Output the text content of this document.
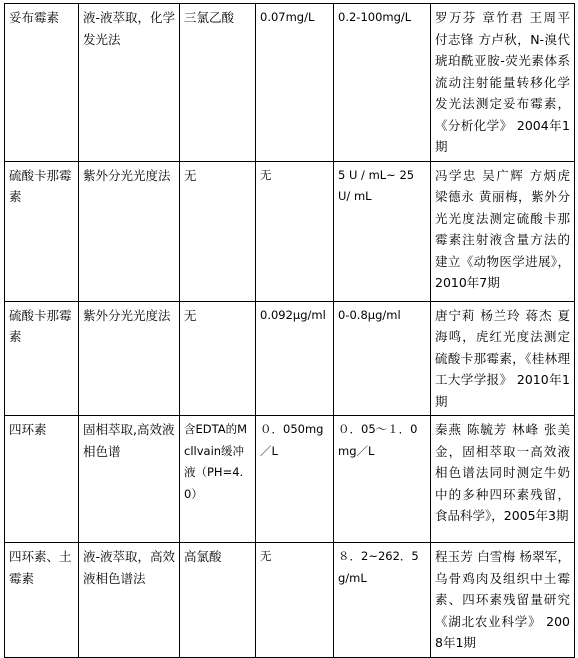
妥布霉素	液-液萃取，化学发光法	三氯乙酸	0.07mg/L	0.2-100mg/L	罗万芬 章竹君 王周平 付志锋 方卢秋，N-溴代琥珀酰亚胺-荧光素体系流动注射能量转移化学发光法测定妥布霉素，《分析化学》 2004年1期
硫酸卡那霉素	紫外分光光度法	无	无	5 U / mL~ 25 U/ mL	冯学忠 吴广辉 方炳虎 梁德永 黄丽梅，紫外分光光度法测定硫酸卡那霉素注射液含量方法的建立《动物医学进展》，2010年7期
硫酸卡那霉素	紫外分光光度法	无	0.092μg/ml	0-0.8μg/ml	唐宁莉 杨兰玲 蒋杰 夏海鸣，虎红光度法测定硫酸卡那霉素，《桂林理工大学学报》 2010年1期
四环素	固相萃取,高效液相色谱	含EDTA的Mcllvain缓冲液（PH=4.0）	０．050mg／L	０．05～１．0mg／L	秦燕 陈毓芳 林峰 张美金，固相萃取一高效液相色谱法同时测定牛奶中的多种四环素残留，食品科学》，2005年3期
四环素、土霉素	液-液萃取，高效液相色谱法	高氯酸	无	８．2~262．5 g/mL	程玉芳 白雪梅 杨翠军，乌骨鸡肉及组织中土霉素、四环素残留量研究《湖北农业科学》 2008年1期
